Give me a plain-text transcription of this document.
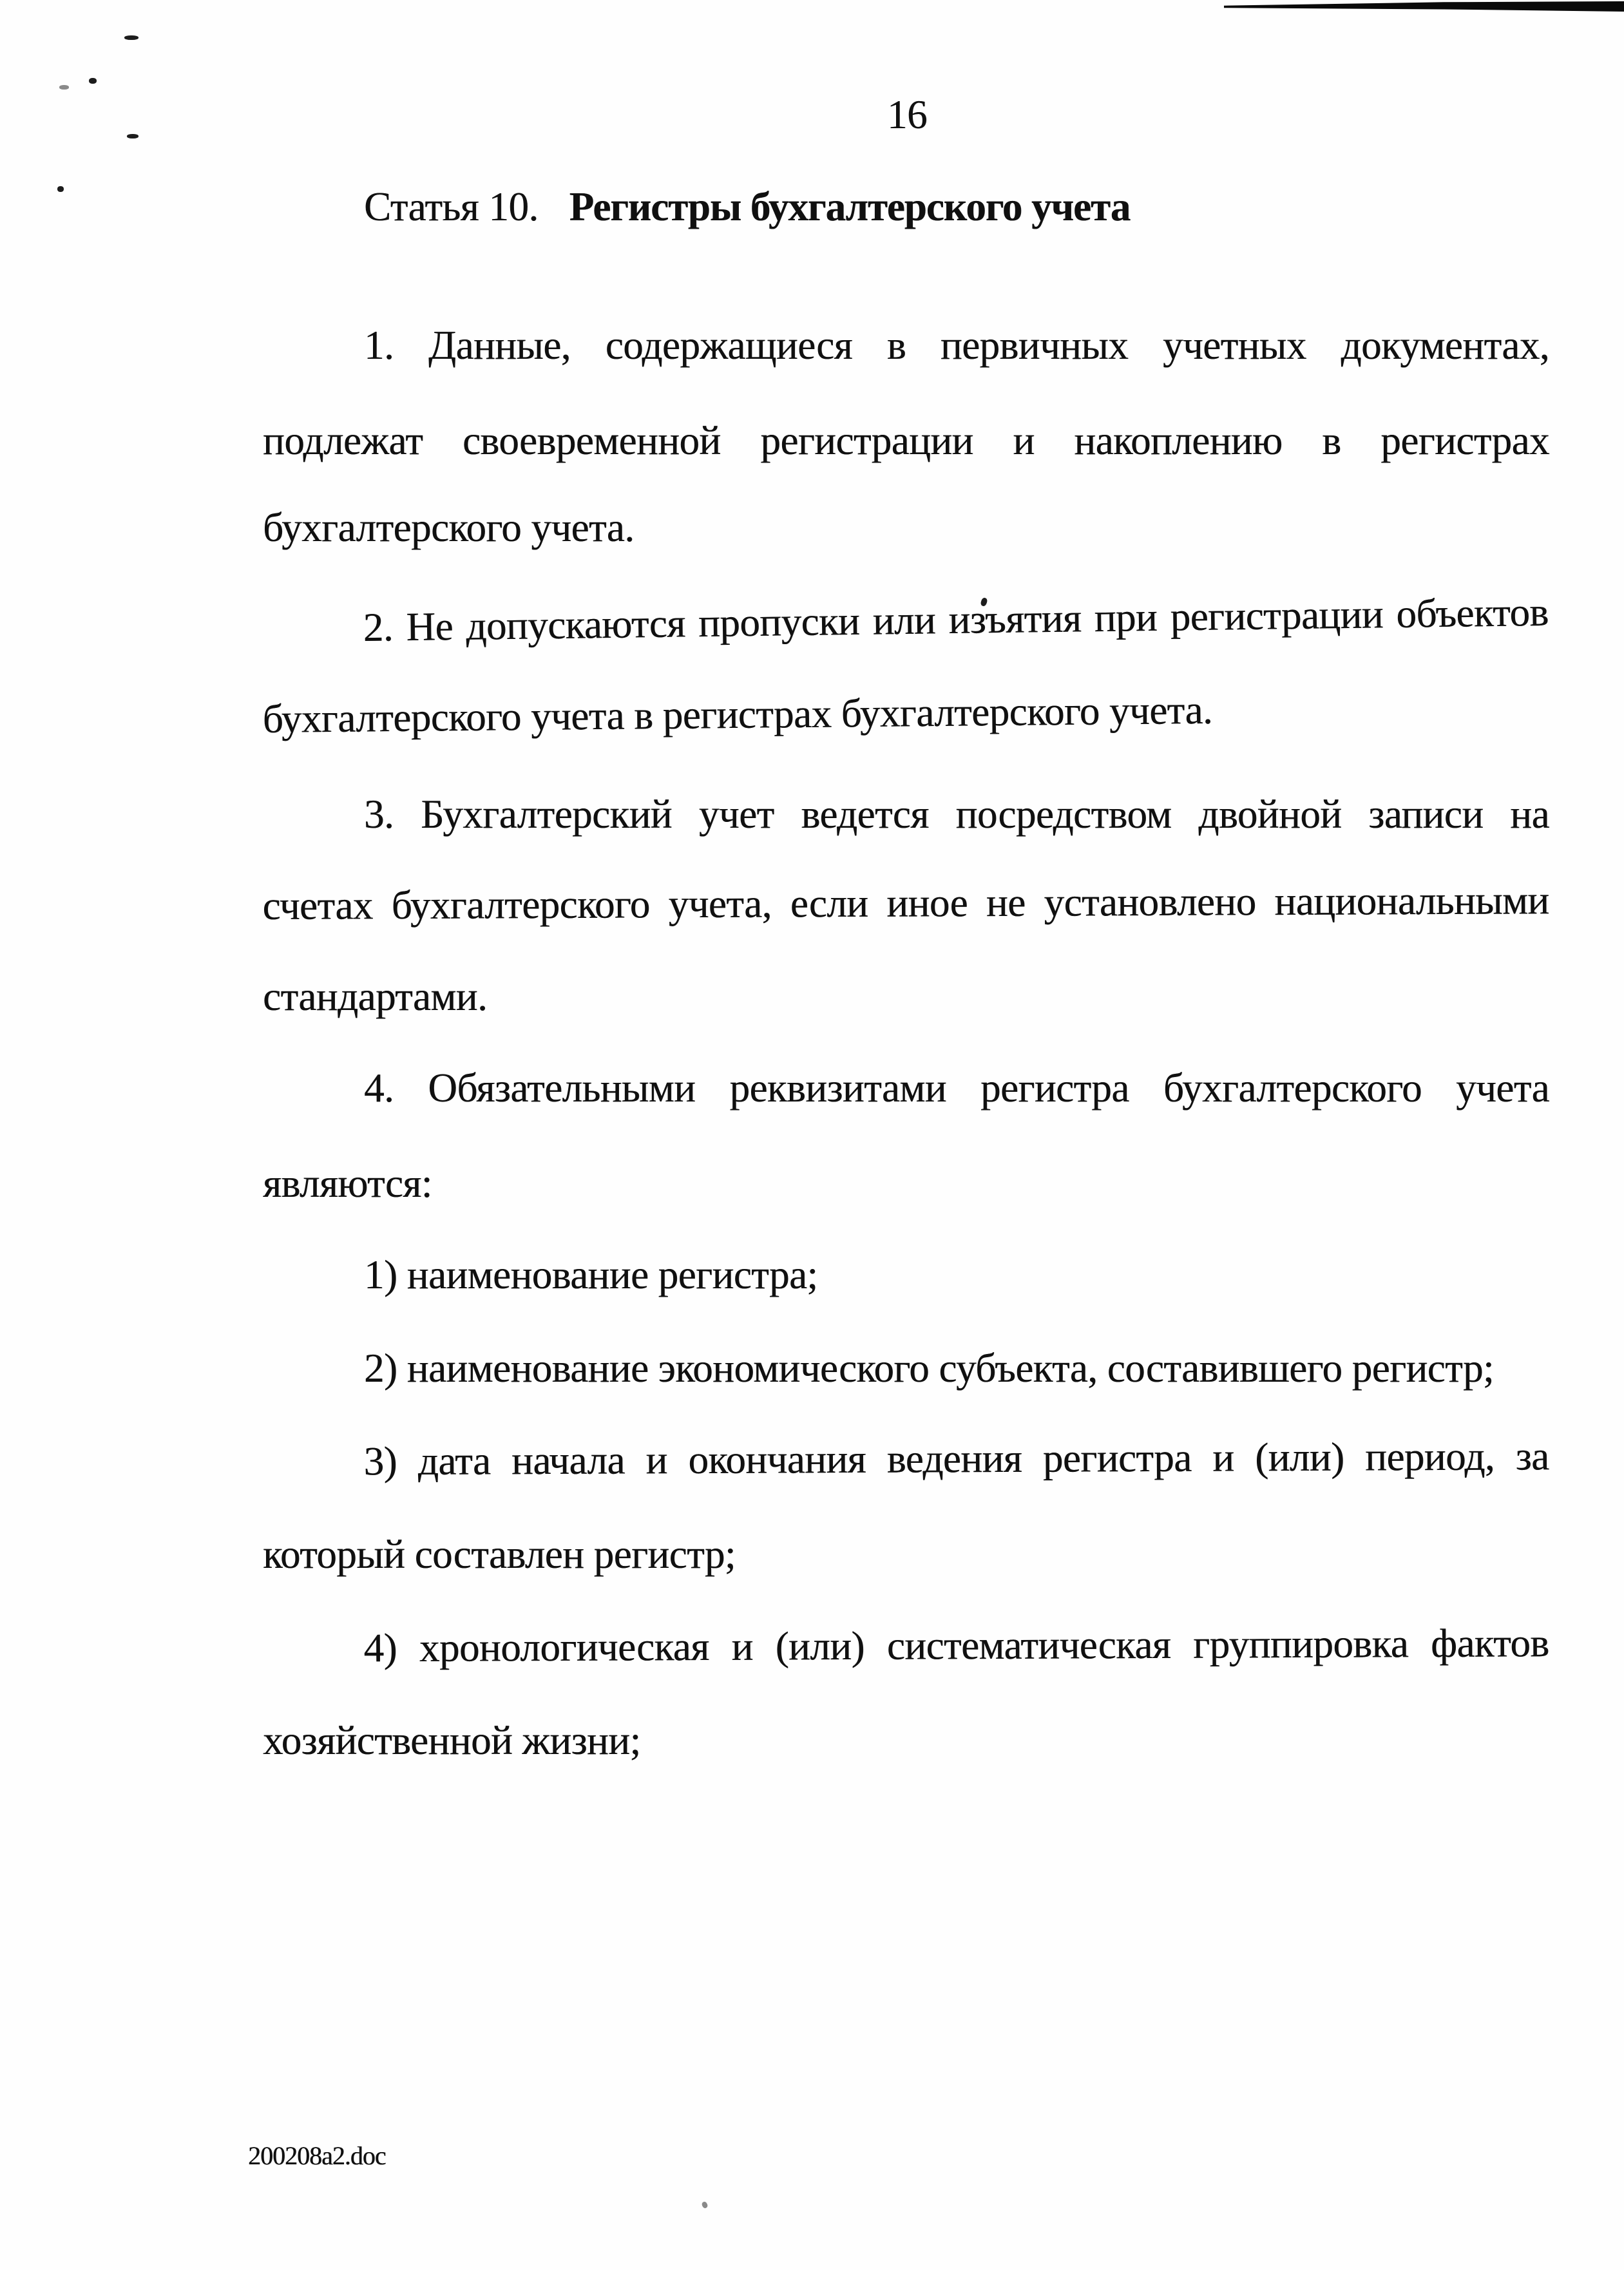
16
Статья 10. Регистры бухгалтерского учета
1. Данные, содержащиеся в первичных учетных документах,
подлежат своевременной регистрации и накоплению в регистрах
бухгалтерского учета.
2. Не допускаются пропуски или изъятия при регистрации объектов
бухгалтерского учета в регистрах бухгалтерского учета.
3. Бухгалтерский учет ведется посредством двойной записи на
счетах бухгалтерского учета, если иное не установлено национальными
стандартами.
4. Обязательными реквизитами регистра бухгалтерского учета
являются:
1) наименование регистра;
2) наименование экономического субъекта, составившего регистр;
3) дата начала и окончания ведения регистра и (или) период, за
который составлен регистр;
4) хронологическая и (или) систематическая группировка фактов
хозяйственной жизни;
200208a2.doc
